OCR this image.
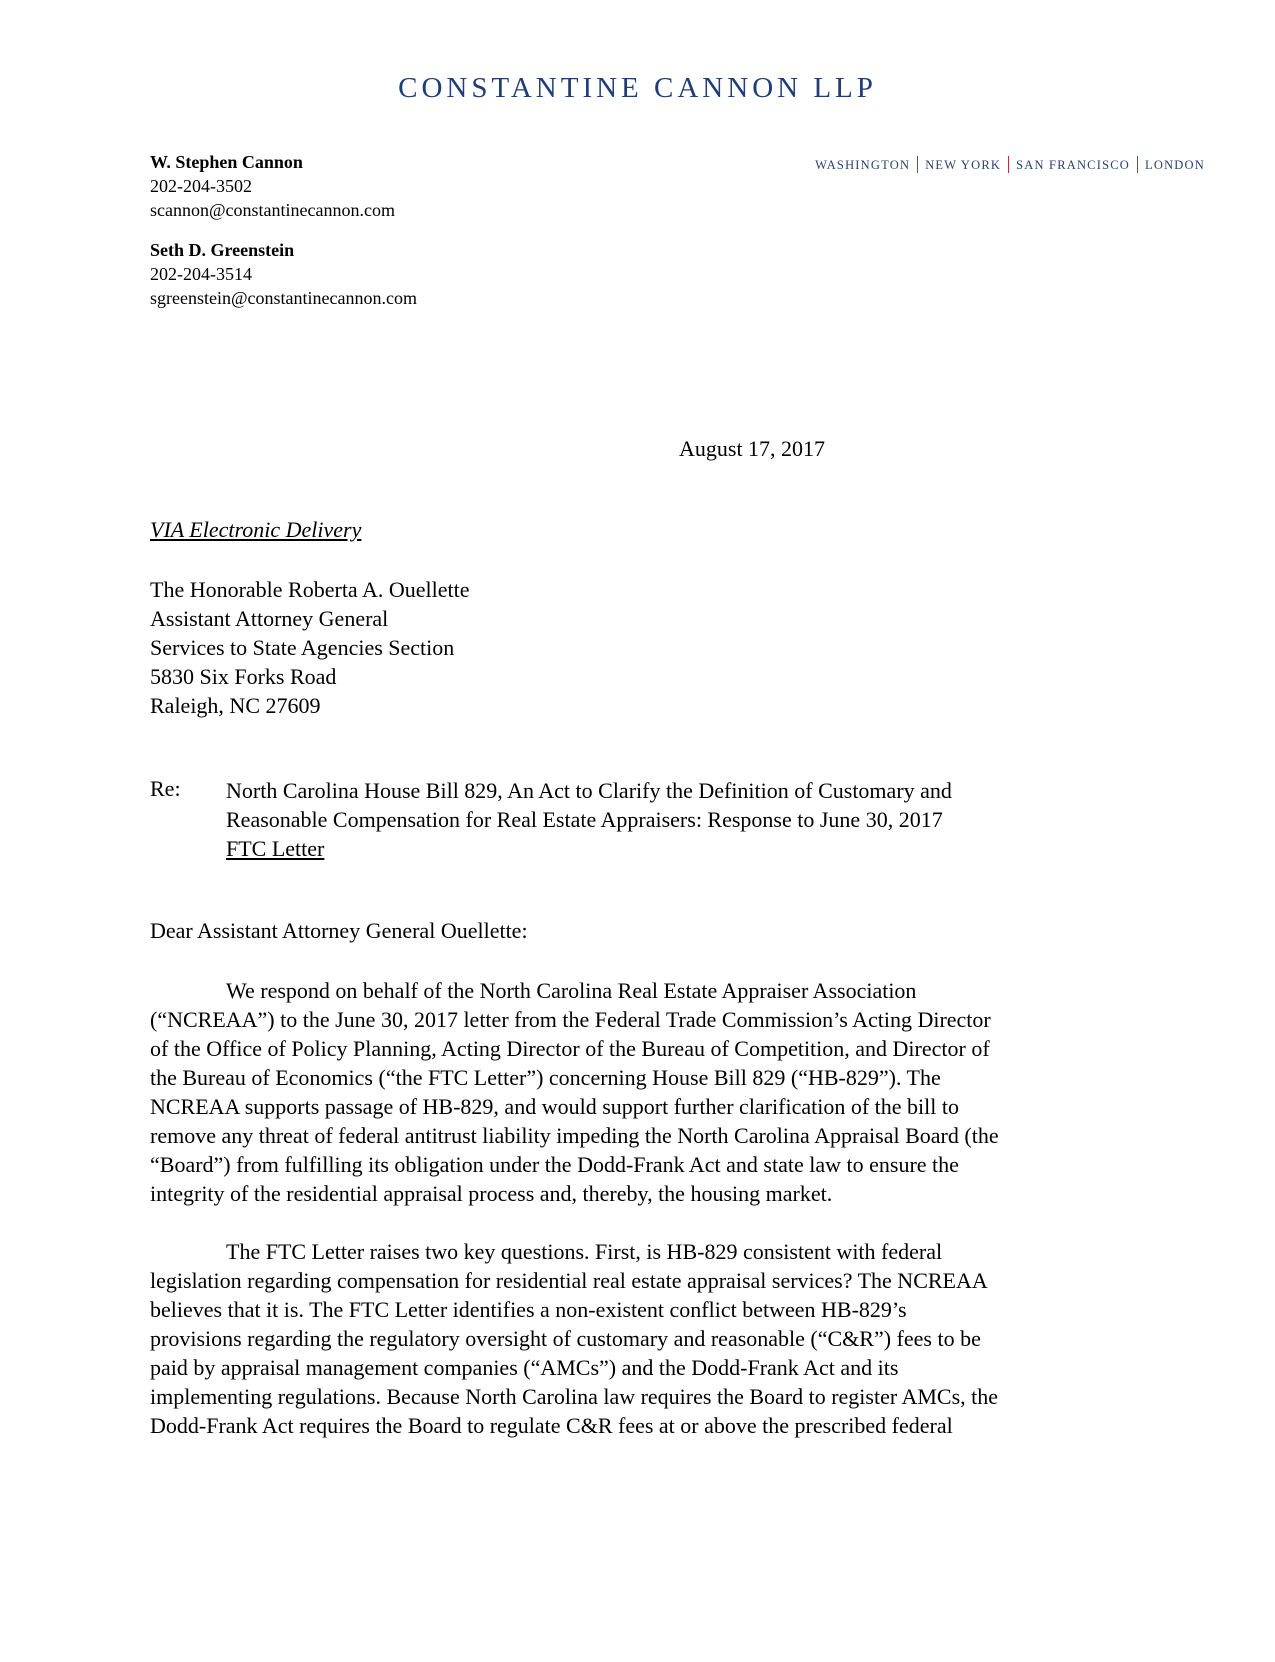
CONSTANTINE CANNON LLP
WASHINGTON NEW YORK SAN FRANCISCO LONDON
W. Stephen Cannon
202-204-3502
scannon@constantinecannon.com
Seth D. Greenstein
202-204-3514
sgreenstein@constantinecannon.com
August 17, 2017
VIA Electronic Delivery
The Honorable Roberta A. Ouellette
Assistant Attorney General
Services to State Agencies Section
5830 Six Forks Road
Raleigh, NC 27609
Re: North Carolina House Bill 829, An Act to Clarify the Definition of Customary and
Reasonable Compensation for Real Estate Appraisers: Response to June 30, 2017
FTC Letter
Dear Assistant Attorney General Ouellette:
We respond on behalf of the North Carolina Real Estate Appraiser Association
(“NCREAA”) to the June 30, 2017 letter from the Federal Trade Commission’s Acting Director
of the Office of Policy Planning, Acting Director of the Bureau of Competition, and Director of
the Bureau of Economics (“the FTC Letter”) concerning House Bill 829 (“HB-829”). The
NCREAA supports passage of HB-829, and would support further clarification of the bill to
remove any threat of federal antitrust liability impeding the North Carolina Appraisal Board (the
“Board”) from fulfilling its obligation under the Dodd-Frank Act and state law to ensure the
integrity of the residential appraisal process and, thereby, the housing market.
The FTC Letter raises two key questions. First, is HB-829 consistent with federal
legislation regarding compensation for residential real estate appraisal services? The NCREAA
believes that it is. The FTC Letter identifies a non-existent conflict between HB-829’s
provisions regarding the regulatory oversight of customary and reasonable (“C&R”) fees to be
paid by appraisal management companies (“AMCs”) and the Dodd-Frank Act and its
implementing regulations. Because North Carolina law requires the Board to register AMCs, the
Dodd-Frank Act requires the Board to regulate C&R fees at or above the prescribed federal
